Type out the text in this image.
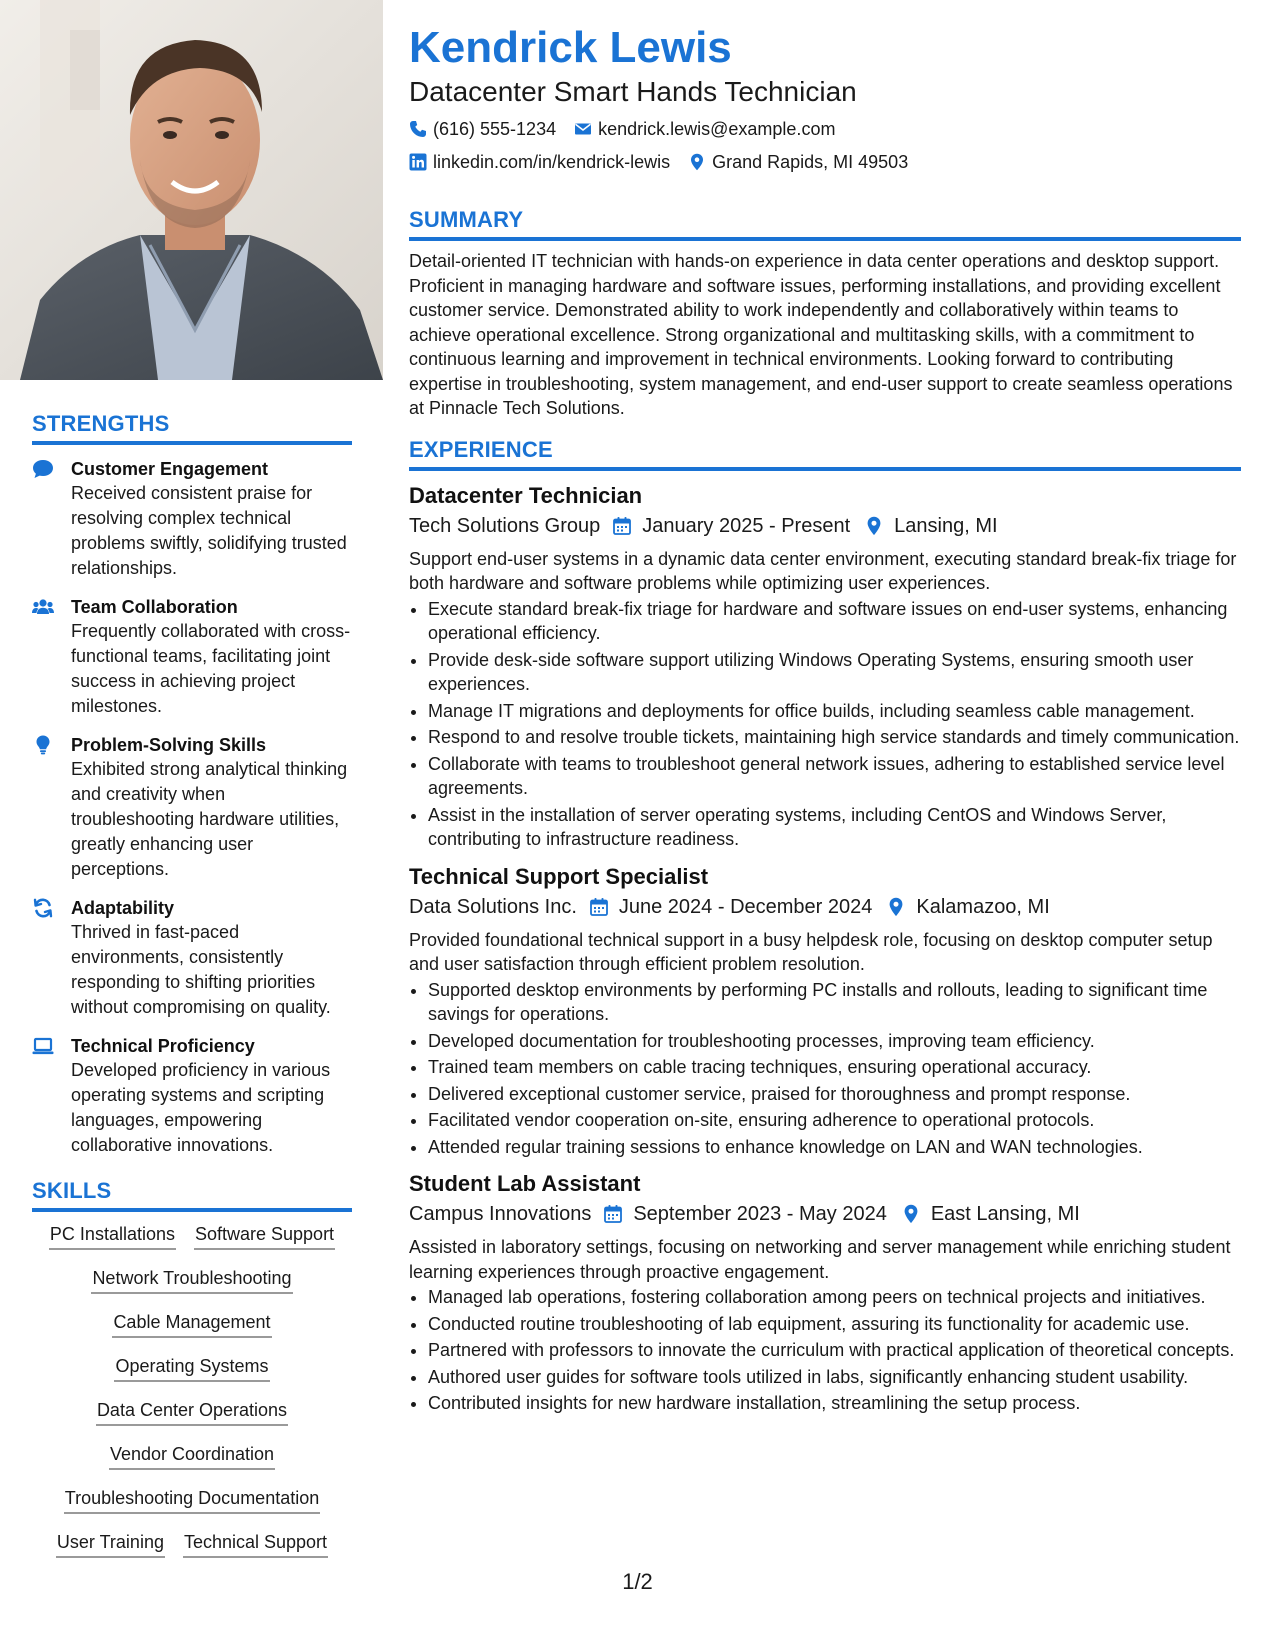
STRENGTHS
Customer Engagement
Received consistent praise for resolving complex technical problems swiftly, solidifying trusted relationships.
Team Collaboration
Frequently collaborated with cross-functional teams, facilitating joint success in achieving project milestones.
Problem-Solving Skills
Exhibited strong analytical thinking and creativity when troubleshooting hardware utilities, greatly enhancing user perceptions.
Adaptability
Thrived in fast-paced environments, consistently responding to shifting priorities without compromising on quality.
Technical Proficiency
Developed proficiency in various operating systems and scripting languages, empowering collaborative innovations.
SKILLS
PC Installations Software Support
Network Troubleshooting
Cable Management
Operating Systems
Data Center Operations
Vendor Coordination
Troubleshooting Documentation
User Training Technical Support
Kendrick Lewis
Datacenter Smart Hands Technician
(616) 555-1234 kendrick.lewis@example.com
linkedin.com/in/kendrick-lewis Grand Rapids, MI 49503
SUMMARY

Detail-oriented IT technician with hands-on experience in data center operations and desktop support. Proficient in managing hardware and software issues, performing installations, and providing excellent customer service. Demonstrated ability to work independently and collaboratively within teams to achieve operational excellence. Strong organizational and multitasking skills, with a commitment to continuous learning and improvement in technical environments. Looking forward to contributing expertise in troubleshooting, system management, and end-user support to create seamless operations at Pinnacle Tech Solutions.

EXPERIENCE
Datacenter Technician
Tech Solutions Group January 2025 - Present Lansing, MI

Support end-user systems in a dynamic data center environment, executing standard break-fix triage for both hardware and software problems while optimizing user experiences.

• Execute standard break-fix triage for hardware and software issues on end-user systems, enhancing operational efficiency.
• Provide desk-side software support utilizing Windows Operating Systems, ensuring smooth user experiences.
• Manage IT migrations and deployments for office builds, including seamless cable management.
• Respond to and resolve trouble tickets, maintaining high service standards and timely communication.
• Collaborate with teams to troubleshoot general network issues, adhering to established service level agreements.
• Assist in the installation of server operating systems, including CentOS and Windows Server, contributing to infrastructure readiness.
Technical Support Specialist
Data Solutions Inc. June 2024 - December 2024 Kalamazoo, MI

Provided foundational technical support in a busy helpdesk role, focusing on desktop computer setup and user satisfaction through efficient problem resolution.

• Supported desktop environments by performing PC installs and rollouts, leading to significant time savings for operations.
• Developed documentation for troubleshooting processes, improving team efficiency.
• Trained team members on cable tracing techniques, ensuring operational accuracy.
• Delivered exceptional customer service, praised for thoroughness and prompt response.
• Facilitated vendor cooperation on-site, ensuring adherence to operational protocols.
• Attended regular training sessions to enhance knowledge on LAN and WAN technologies.
Student Lab Assistant
Campus Innovations September 2023 - May 2024 East Lansing, MI

Assisted in laboratory settings, focusing on networking and server management while enriching student learning experiences through proactive engagement.

• Managed lab operations, fostering collaboration among peers on technical projects and initiatives.
• Conducted routine troubleshooting of lab equipment, assuring its functionality for academic use.
• Partnered with professors to innovate the curriculum with practical application of theoretical concepts.
• Authored user guides for software tools utilized in labs, significantly enhancing student usability.
• Contributed insights for new hardware installation, streamlining the setup process.
1/2
